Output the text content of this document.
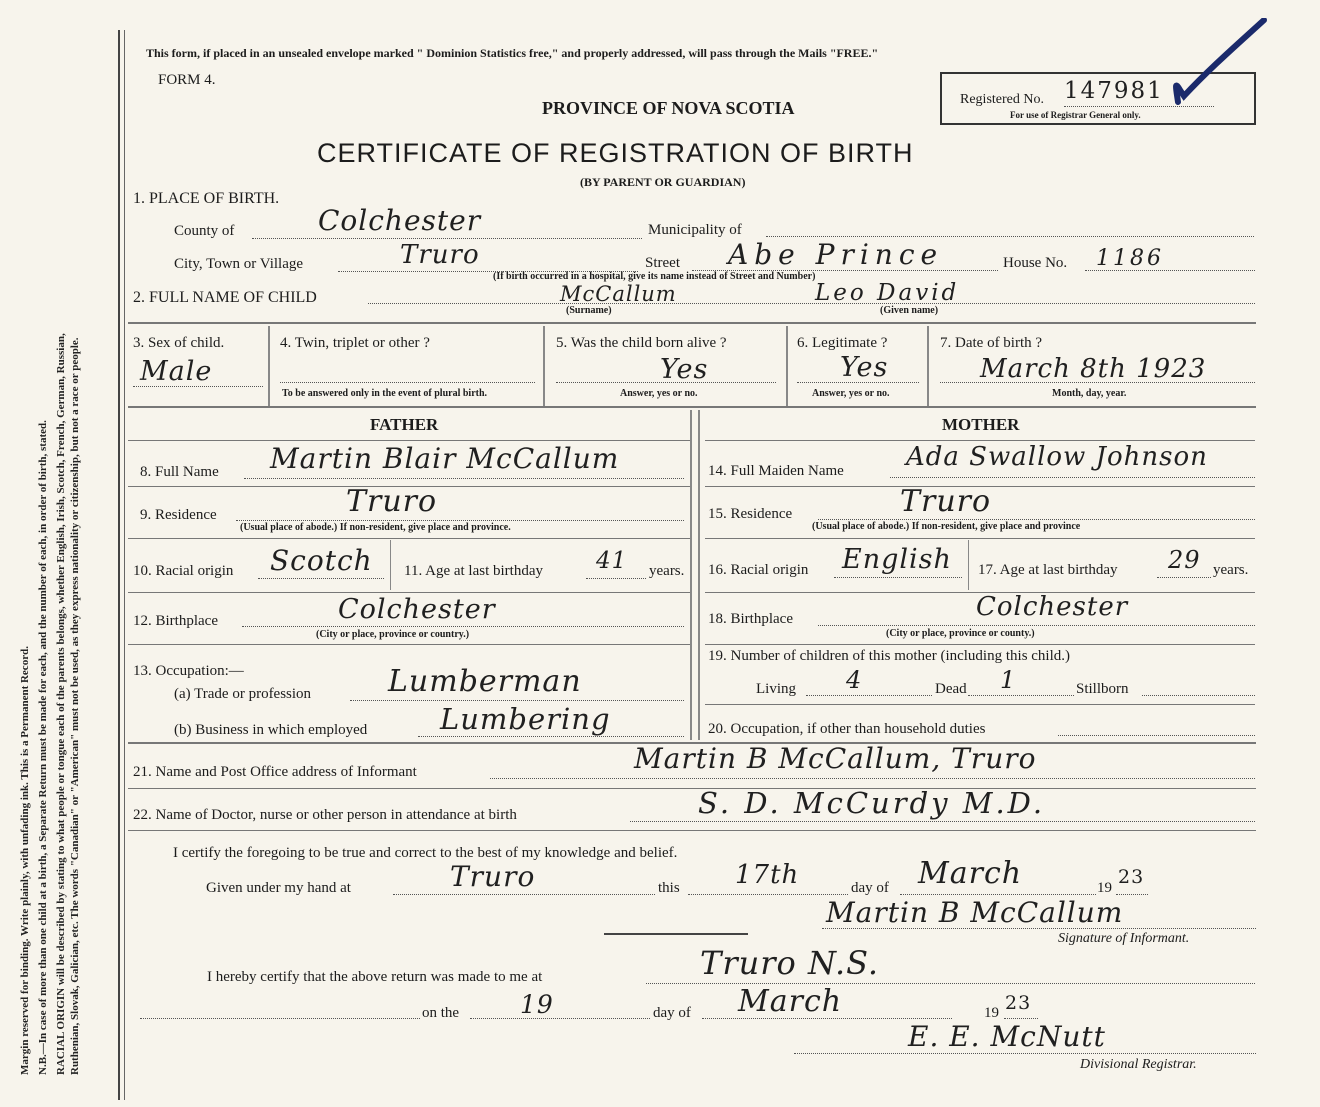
Margin reserved for binding. Write plainly, with unfading ink. This is a Permanent Record. N.B.—In case of more than one child at a birth, a Separate Return must be made for each, and the number of each, in order of birth, stated. RACIAL ORIGIN will be described by stating to what people or tongue each of the parents belongs, whether English, Irish, Scotch, French, German, Russian, Ruthenian, Slovak, Galician, etc. The words "Canadian" or "American" must not be used, as they express nationality or citizenship, but not a race or people.
This form, if placed in an unsealed envelope marked " Dominion Statistics free," and properly addressed, will pass through the Mails "FREE."
FORM 4.
PROVINCE OF NOVA SCOTIA
CERTIFICATE OF REGISTRATION OF BIRTH
(BY PARENT OR GUARDIAN)
Registered No. 147981
For use of Registrar General only.
1. PLACE OF BIRTH.
County of	Colchester	Municipality of
City, Town or Village	Truro	Street Abe Prince	House No. 1186
(If birth occurred in a hospital, give its name instead of Street and Number)
2. FULL NAME OF CHILD	McCallum	Leo David
(Surname)	(Given name)
3. Sex of child.
Male
4. Twin, triplet or other ?
To be answered only in the event of plural birth.
5. Was the child born alive ?
Yes
Answer, yes or no.
6. Legitimate ?
Yes
Answer, yes or no.
7. Date of birth ?
March 8th 1923
Month, day, year.
FATHER	MOTHER
8. Full Name Martin Blair McCallum
9. Residence	Truro
(Usual place of abode.) If non-resident, give place and province.
10. Racial origin Scotch 11. Age at last birthday 41 years.
12. Birthplace	Colchester
(City or place, province or country.)
13. Occupation:—
(a) Trade or profession	Lumberman
(b) Business in which employed	Lumbering
14. Full Maiden Name Ada Swallow Johnson
15. Residence	Truro
(Usual place of abode.) If non-resident, give place and province
16. Racial origin English 17. Age at last birthday 29 years.
18. Birthplace	Colchester
(City or place, province or county.)
19. Number of children of this mother (including this child.)
Living 4	Dead 1	Stillborn
20. Occupation, if other than household duties
21. Name and Post Office address of Informant	Martin B McCallum, Truro
22. Name of Doctor, nurse or other person in attendance at birth	S. D. McCurdy M.D.
I certify the foregoing to be true and correct to the best of my knowledge and belief.
Given under my hand at	Truro	this 17th	day of March	19 23
Martin B McCallum
Signature of Informant.
I hereby certify that the above return was made to me at	Truro N.S.
on the 19	day of March	19 23
E. E. McNutt
Divisional Registrar.
